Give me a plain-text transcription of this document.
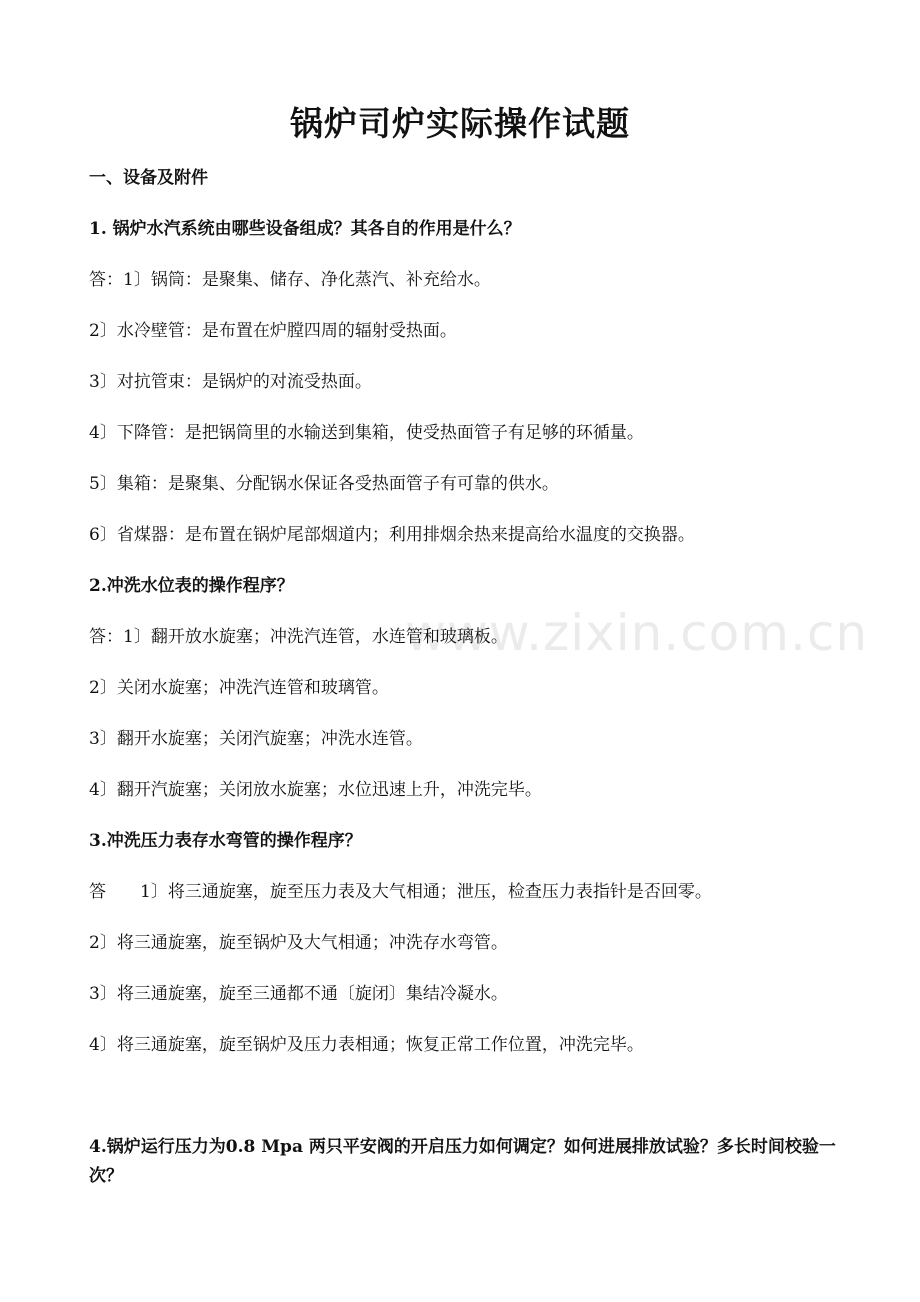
锅炉司炉实际操作试题
一、设备及附件
1. 锅炉水汽系统由哪些设备组成？其各自的作用是什么？
答：1〕锅筒：是聚集、储存、净化蒸汽、补充给水。
2〕水冷壁管：是布置在炉膛四周的辐射受热面。
3〕对抗管束：是锅炉的对流受热面。
4〕下降管：是把锅筒里的水输送到集箱，使受热面管子有足够的环循量。
5〕集箱：是聚集、分配锅水保证各受热面管子有可靠的供水。
6〕省煤器：是布置在锅炉尾部烟道内；利用排烟余热来提高给水温度的交换器。
2.冲洗水位表的操作程序？
答：1〕翻开放水旋塞；冲洗汽连管，水连管和玻璃板。
2〕关闭水旋塞；冲洗汽连管和玻璃管。
3〕翻开水旋塞；关闭汽旋塞；冲洗水连管。
4〕翻开汽旋塞；关闭放水旋塞；水位迅速上升，冲洗完毕。
3.冲洗压力表存水弯管的操作程序？
答 1〕将三通旋塞，旋至压力表及大气相通；泄压，检查压力表指针是否回零。
2〕将三通旋塞，旋至锅炉及大气相通；冲洗存水弯管。
3〕将三通旋塞，旋至三通都不通〔旋闭〕集结冷凝水。
4〕将三通旋塞，旋至锅炉及压力表相通；恢复正常工作位置，冲洗完毕。
4.锅炉运行压力为0.8 Mpa 两只平安阀的开启压力如何调定？如何进展排放试验？多长时间校验一次？
www.zixin.com.cn
